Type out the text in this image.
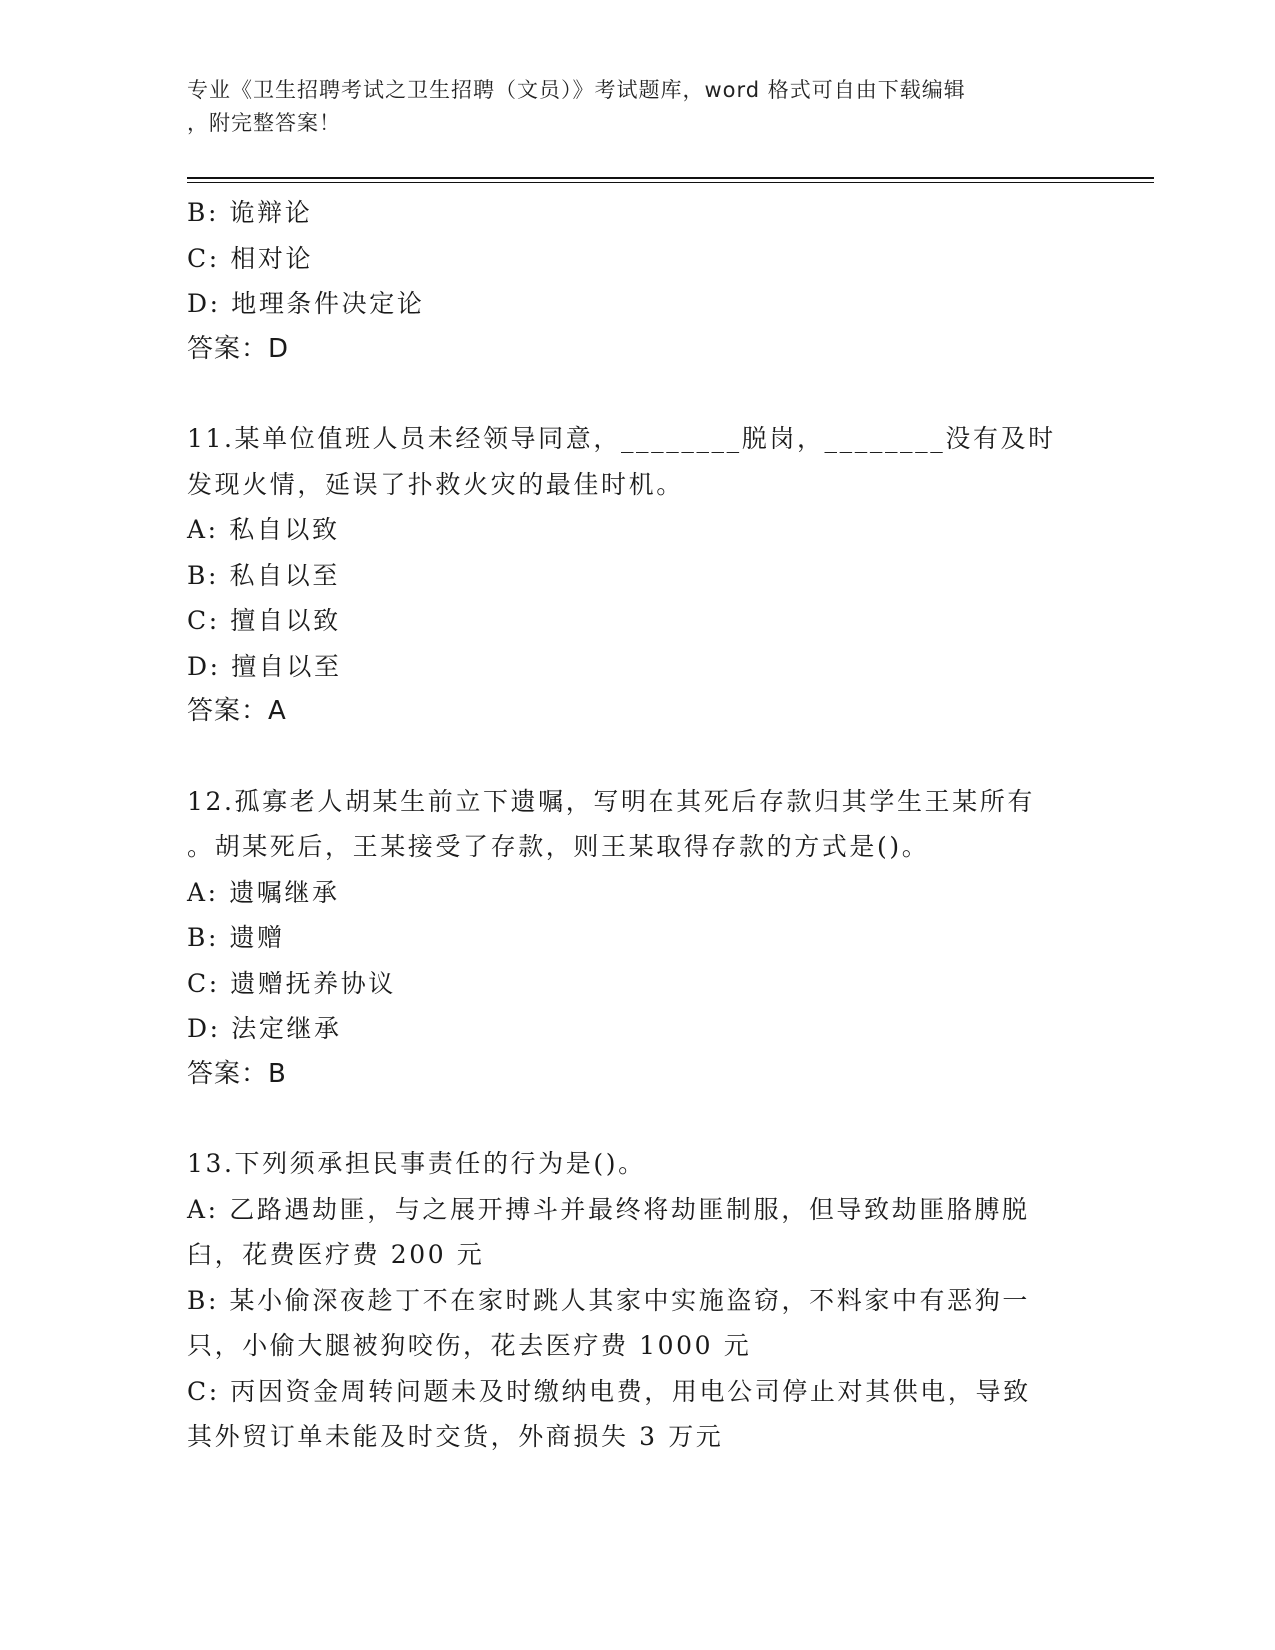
专业《卫生招聘考试之卫生招聘（文员）》考试题库，word 格式可自由下载编辑
，附完整答案！
B: 诡辩论
C: 相对论
D: 地理条件决定论
答案：D
11.某单位值班人员未经领导同意，________脱岗，________没有及时
发现火情，延误了扑救火灾的最佳时机。
A: 私自以致
B: 私自以至
C: 擅自以致
D: 擅自以至
答案：A
12.孤寡老人胡某生前立下遗嘱，写明在其死后存款归其学生王某所有
。胡某死后，王某接受了存款，则王某取得存款的方式是()。
A: 遗嘱继承
B: 遗赠
C: 遗赠抚养协议
D: 法定继承
答案：B
13.下列须承担民事责任的行为是()。
A: 乙路遇劫匪，与之展开搏斗并最终将劫匪制服，但导致劫匪胳膊脱
臼，花费医疗费 200 元
B: 某小偷深夜趁丁不在家时跳人其家中实施盗窃，不料家中有恶狗一
只，小偷大腿被狗咬伤，花去医疗费 1000 元
C: 丙因资金周转问题未及时缴纳电费，用电公司停止对其供电，导致
其外贸订单未能及时交货，外商损失 3 万元
